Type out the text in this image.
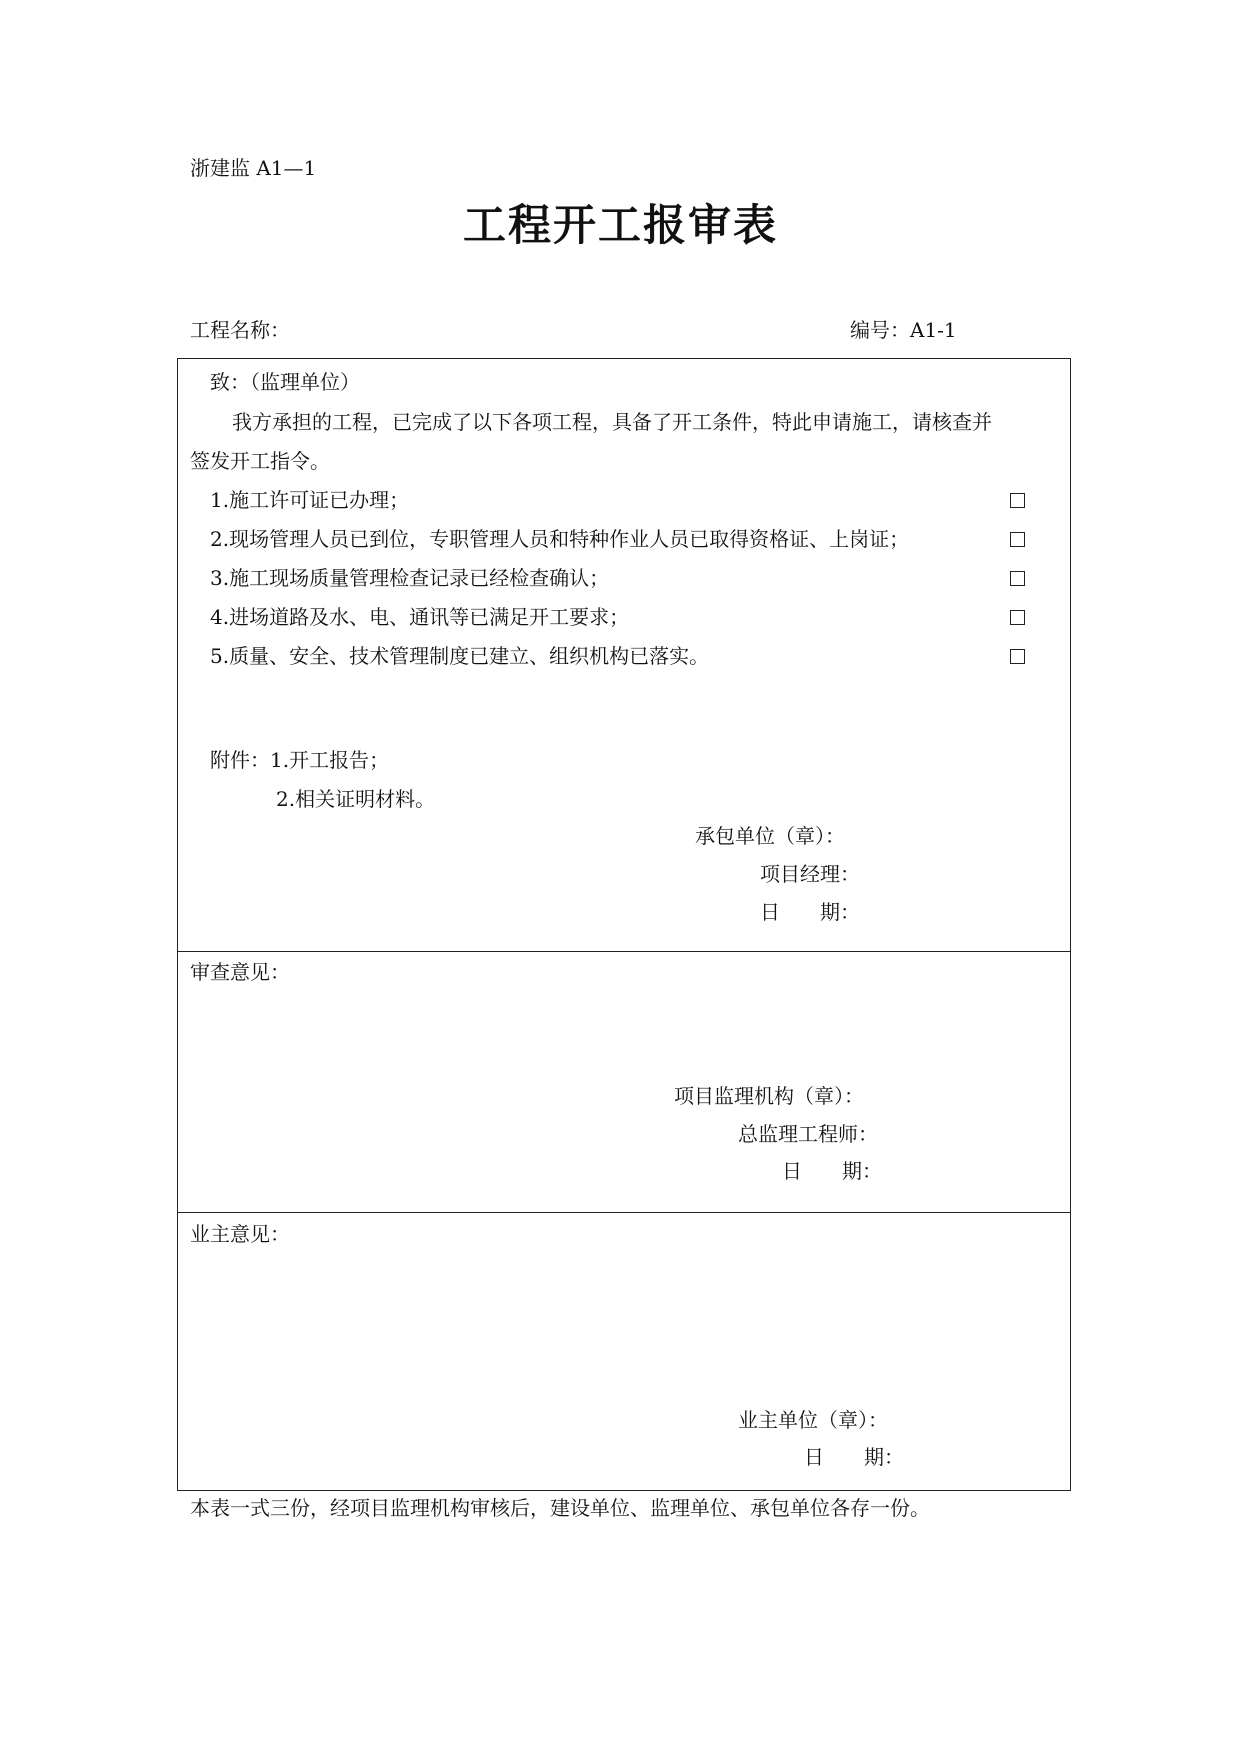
浙建监 A1—1
工程开工报审表
工程名称：	编号：A1-1
致：（监理单位）
我方承担的工程，已完成了以下各项工程，具备了开工条件，特此申请施工，请核查并
签发开工指令。
1.施工许可证已办理；
2.现场管理人员已到位，专职管理人员和特种作业人员已取得资格证、上岗证；
3.施工现场质量管理检查记录已经检查确认；
4.进场道路及水、电、通讯等已满足开工要求；
5.质量、安全、技术管理制度已建立、组织机构已落实。
附件：1.开工报告；
2.相关证明材料。
承包单位（章）：
项目经理：
日　　期：
审查意见：
项目监理机构（章）：
总监理工程师：
日　　期：
业主意见：
业主单位（章）：
日　　期：
本表一式三份，经项目监理机构审核后，建设单位、监理单位、承包单位各存一份。
